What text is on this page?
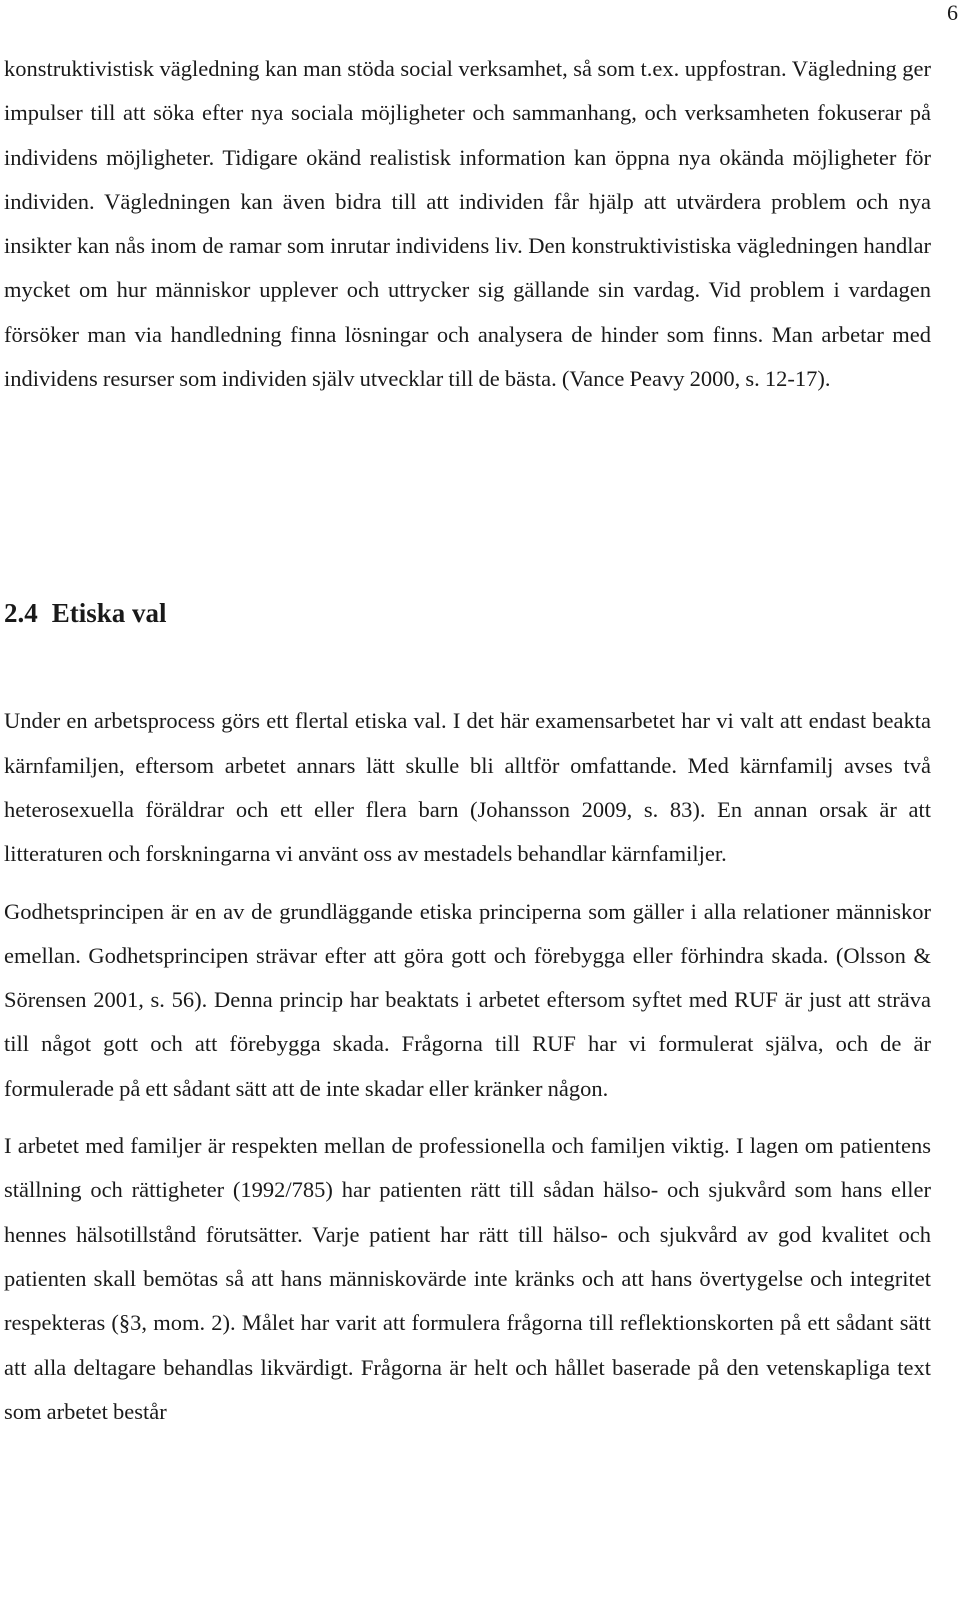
6

konstruktivistisk vägledning kan man stöda social verksamhet, så som t.ex. uppfostran. Vägledning ger impulser till att söka efter nya sociala möjligheter och sammanhang, och verksamheten fokuserar på individens möjligheter. Tidigare okänd realistisk information kan öppna nya okända möjligheter för individen. Vägledningen kan även bidra till att individen får hjälp att utvärdera problem och nya insikter kan nås inom de ramar som inrutar individens liv. Den konstruktivistiska vägledningen handlar mycket om hur människor upplever och uttrycker sig gällande sin vardag. Vid problem i vardagen försöker man via handledning finna lösningar och analysera de hinder som finns. Man arbetar med individens resurser som individen själv utvecklar till de bästa. (Vance Peavy 2000, s. 12-17).

2.4 Etiska val

Under en arbetsprocess görs ett flertal etiska val. I det här examensarbetet har vi valt att endast beakta kärnfamiljen, eftersom arbetet annars lätt skulle bli alltför omfattande. Med kärnfamilj avses två heterosexuella föräldrar och ett eller flera barn (Johansson 2009, s. 83). En annan orsak är att litteraturen och forskningarna vi använt oss av mestadels behandlar kärnfamiljer.

Godhetsprincipen är en av de grundläggande etiska principerna som gäller i alla relationer människor emellan. Godhetsprincipen strävar efter att göra gott och förebygga eller förhindra skada. (Olsson & Sörensen 2001, s. 56). Denna princip har beaktats i arbetet eftersom syftet med RUF är just att sträva till något gott och att förebygga skada. Frågorna till RUF har vi formulerat själva, och de är formulerade på ett sådant sätt att de inte skadar eller kränker någon.

I arbetet med familjer är respekten mellan de professionella och familjen viktig. I lagen om patientens ställning och rättigheter (1992/785) har patienten rätt till sådan hälso- och sjukvård som hans eller hennes hälsotillstånd förutsätter. Varje patient har rätt till hälso- och sjukvård av god kvalitet och patienten skall bemötas så att hans människovärde inte kränks och att hans övertygelse och integritet respekteras (§3, mom. 2). Målet har varit att formulera frågorna till reflektionskorten på ett sådant sätt att alla deltagare behandlas likvärdigt. Frågorna är helt och hållet baserade på den vetenskapliga text som arbetet består
